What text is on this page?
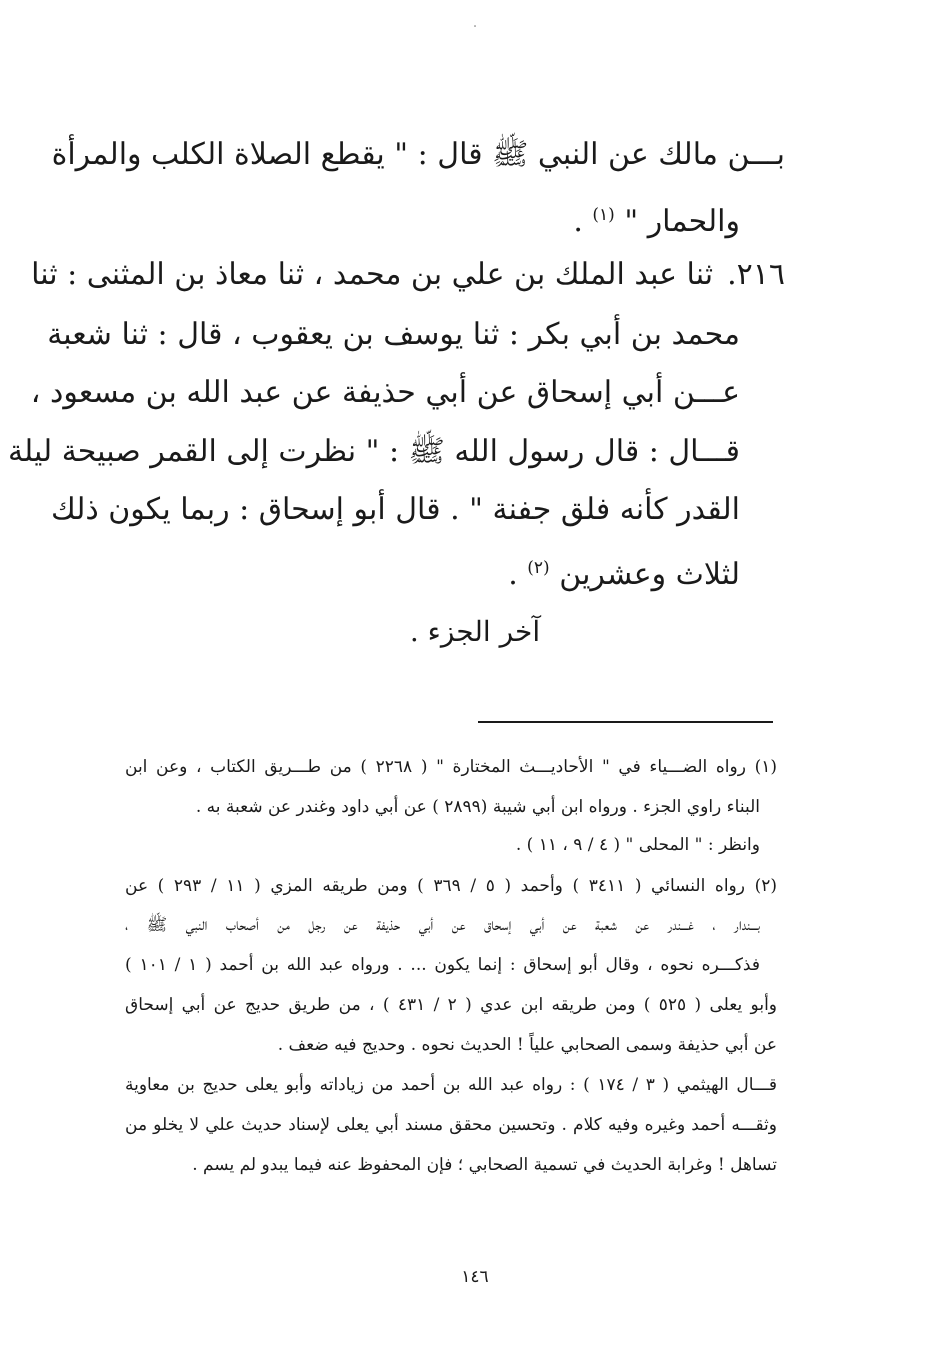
٠
بـــن مالك عن النبي ﷺ قال : " يقطع الصلاة الكلب والمرأة
والحمار " $^{(١)}$ .
٢١٦.ثنا عبد الملك بن علي بن محمد ، ثنا معاذ بن المثنى : ثنا
محمد بن أبي بكر : ثنا يوسف بن يعقوب ، قال : ثنا شعبة
عـــن أبي إسحاق عن أبي حذيفة عن عبد الله بن مسعود ،
قـــال : قال رسول الله ﷺ : " نظرت إلى القمر صبيحة ليلة
القدر كأنه فلق جفنة " . قال أبو إسحاق : ربما يكون ذلك
لثلاث وعشرين $^{(٢)}$ .
آخر الجزء .
(١) رواه الضـــياء في " الأحاديـــث المختارة " ( ٢٢٦٨ ) من طـــريق الكتاب ، وعن ابن
البناء راوي الجزء . ورواه ابن أبي شيبة (٢٨٩٩ ) عن أبي داود وغندر عن شعبة به .
وانظر : " المحلى " ( ٤ / ٩ ، ١١ ) .
(٢) رواه النسائي ( ٣٤١١ ) وأحمد ( ٥ / ٣٦٩ ) ومن طريقه المزي ( ١١ / ٢٩٣ ) عن
بـــندار ، غـــندر عن شعبة عن أبي إسحاق عن أبي حذيفة عن رجل من أصحاب النبي ﷺ ،
فذكـــره نحوه ، وقال أبو إسحاق : إنما يكون ... . ورواه عبد الله بن أحمد ( ١ / ١٠١ )
وأبو يعلى ( ٥٢٥ ) ومن طريقه ابن عدي ( ٢ / ٤٣١ ) ، من طريق حديج عن أبي إسحاق
عن أبي حذيفة وسمى الصحابي علياً ! الحديث نحوه . وحديج فيه ضعف .
قـــال الهيثمي ( ٣ / ١٧٤ ) : رواه عبد الله بن أحمد من زياداته وأبو يعلى حديج بن معاوية
وثقـــه أحمد وغيره وفيه كلام . وتحسين محقق مسند أبي يعلى لإسناد حديث علي لا يخلو من
تساهل ! وغرابة الحديث في تسمية الصحابي ؛ فإن المحفوظ عنه فيما يبدو لم يسم .
١٤٦
